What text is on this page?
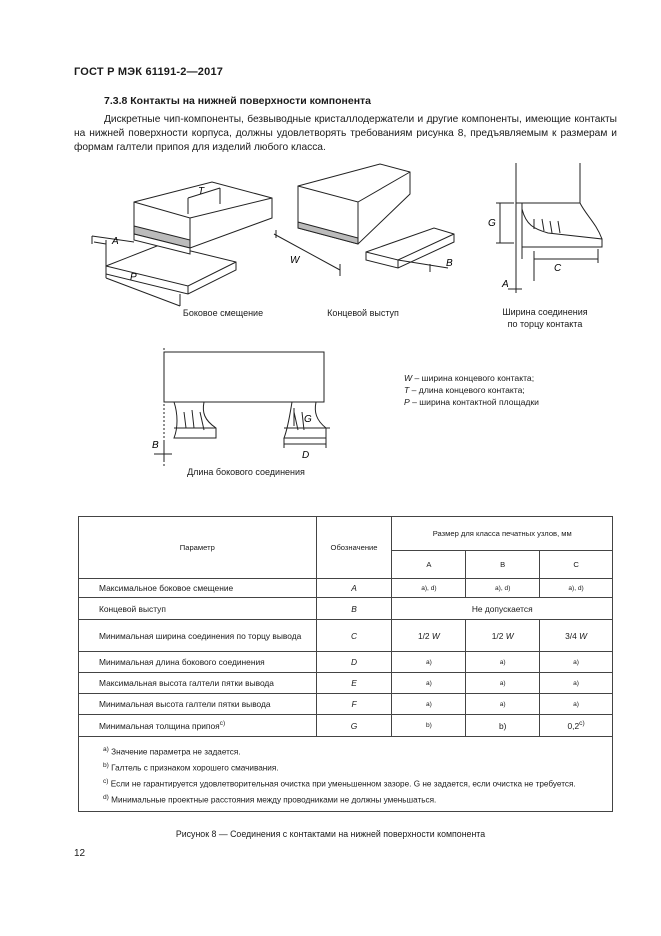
ГОСТ Р МЭК 61191-2—2017
7.3.8 Контакты на нижней поверхности компонента
Дискретные чип-компоненты, безвыводные кристаллодержатели и другие компоненты, имеющие контакты на нижней поверхности корпуса, должны удовлетворять требованиям рисунка 8, предъявляемым к размерам и формам галтели припоя для изделий любого класса.
T
A
P
Боковое смещение
W	B
Концевой выступ
G
C
A
Ширина соединения
по торцу контакта
B
D
G
Длина бокового соединения
W – ширина концевого контакта;
T – длина концевого контакта;
P – ширина контактной площадки
Параметр	Обозначение	Размер для класса печатных узлов, мм		
		A	B	C
Максимальное боковое смещение	A	a), d)	a), d)	a), d)
Концевой выступ	B	Не допускается		
Минимальная ширина соединения по торцу вывода	C	1/2 W	1/2 W	3/4 W
Минимальная длина бокового соединения	D	a)	a)	a)
Максимальная высота галтели пятки вывода	E	a)	a)	a)
Минимальная высота галтели пятки вывода	F	a)	a)	a)
Минимальная толщина припоя$^{c)}$	G	b)	b)	0,2$^{c)}$

$^{a)}$ Значение параметра не задается.
$^{b)}$ Галтель с признаком хорошего смачивания.
$^{c)}$ Если не гарантируется удовлетворительная очистка при уменьшенном зазоре. G не задается, если очистка не требуется.
$^{d)}$ Минимальные проектные расстояния между проводниками не должны уменьшаться.				
Рисунок 8 — Соединения с контактами на нижней поверхности компонента
12
